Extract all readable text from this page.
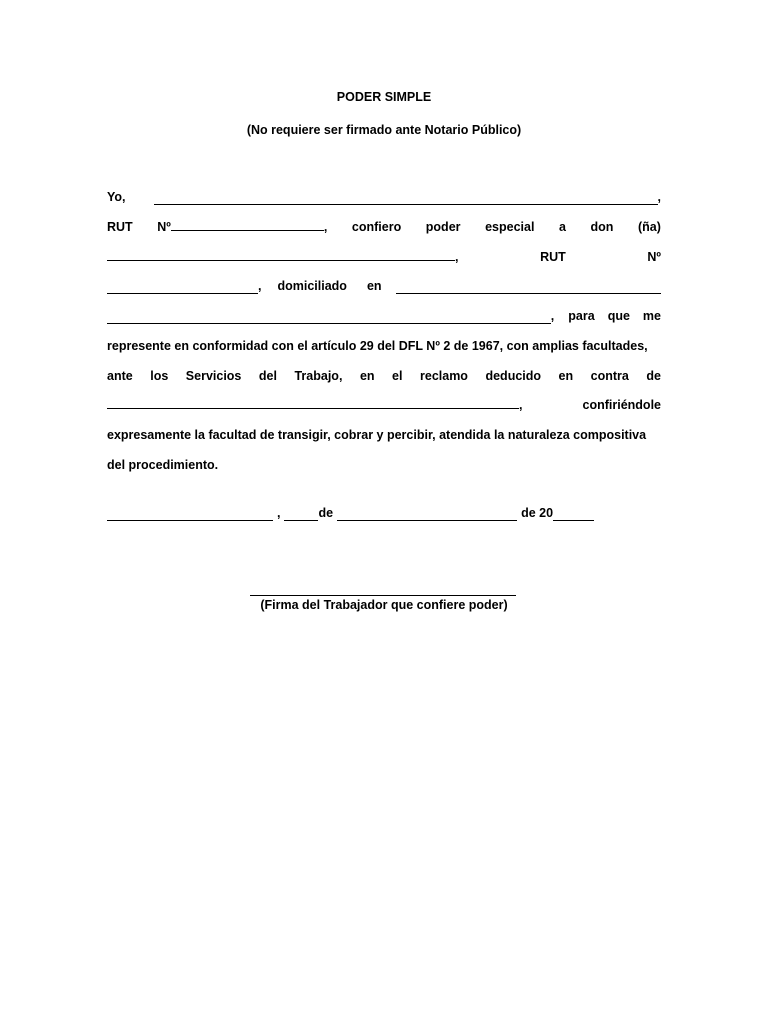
PODER SIMPLE
(No requiere ser firmado ante Notario Público)
Yo,	,
RUT Nº	, confiero poder especial a don (ña)
,	RUT	Nº
, domiciliado en
, para que me
represente en conformidad con el artículo 29 del DFL Nº 2 de 1967, con amplias facultades,
ante los Servicios del Trabajo, en el reclamo deducido en contra de
,	confiriéndole
expresamente la facultad de transigir, cobrar y percibir, atendida la naturaleza compositiva
del procedimiento.
,	de	de 20
(Firma del Trabajador que confiere poder)
